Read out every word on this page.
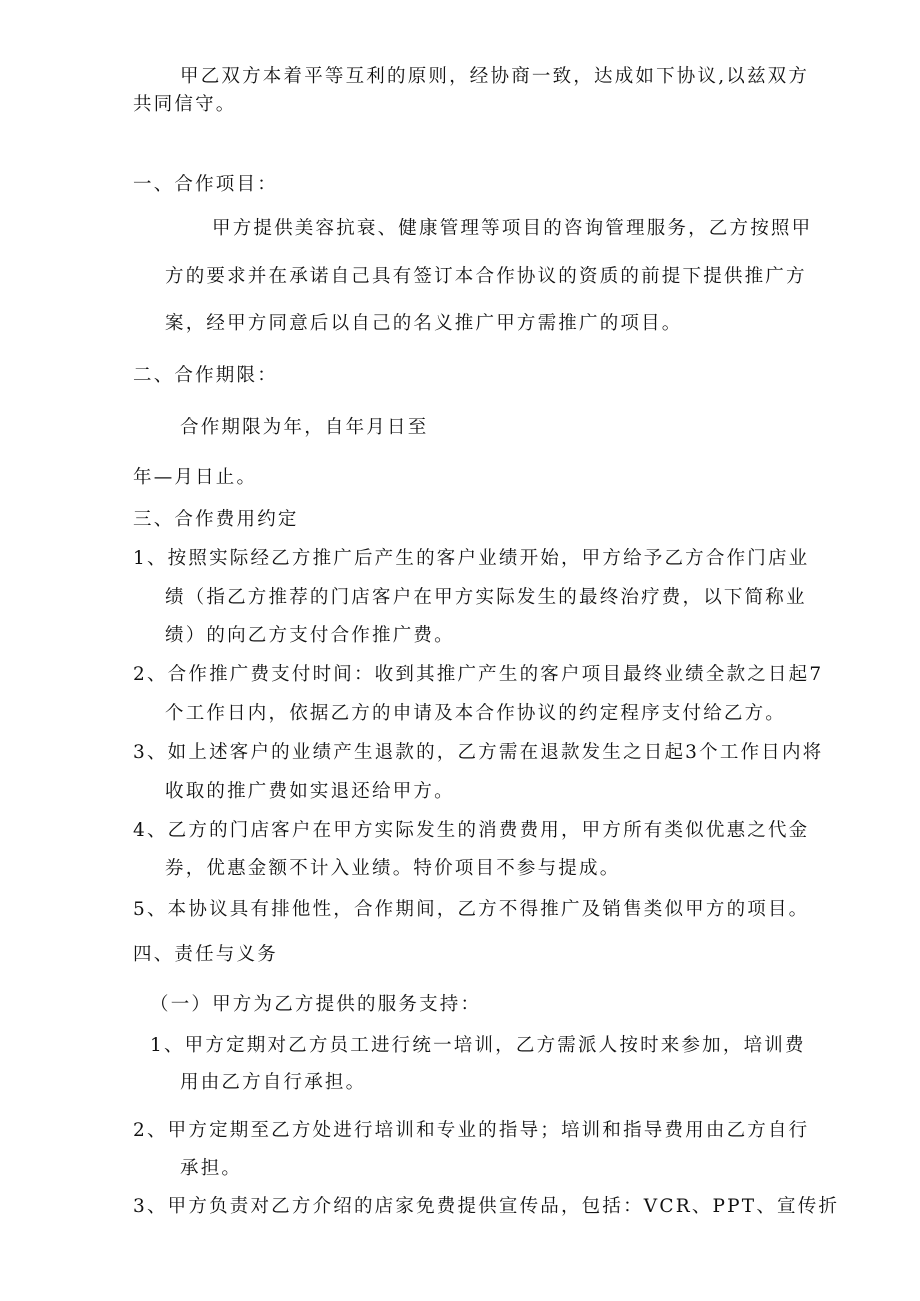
甲乙双方本着平等互利的原则，经协商一致，达成如下协议,以兹双方
共同信守。
一、合作项目：
甲方提供美容抗衰、健康管理等项目的咨询管理服务，乙方按照甲
方的要求并在承诺自己具有签订本合作协议的资质的前提下提供推广方
案，经甲方同意后以自己的名义推广甲方需推广的项目。
二、合作期限：
合作期限为年，自年月日至
年—月日止。
三、合作费用约定
1、按照实际经乙方推广后产生的客户业绩开始，甲方给予乙方合作门店业
绩（指乙方推荐的门店客户在甲方实际发生的最终治疗费，以下简称业
绩）的向乙方支付合作推广费。
2、合作推广费支付时间：收到其推广产生的客户项目最终业绩全款之日起7
个工作日内，依据乙方的申请及本合作协议的约定程序支付给乙方。
3、如上述客户的业绩产生退款的，乙方需在退款发生之日起3个工作日内将
收取的推广费如实退还给甲方。
4、乙方的门店客户在甲方实际发生的消费费用，甲方所有类似优惠之代金
券，优惠金额不计入业绩。特价项目不参与提成。
5、本协议具有排他性，合作期间，乙方不得推广及销售类似甲方的项目。
四、责任与义务
（一）甲方为乙方提供的服务支持：
1、甲方定期对乙方员工进行统一培训，乙方需派人按时来参加，培训费
用由乙方自行承担。
2、甲方定期至乙方处进行培训和专业的指导；培训和指导费用由乙方自行
承担。
3、甲方负责对乙方介绍的店家免费提供宣传品，包括：VCR、PPT、宣传折
